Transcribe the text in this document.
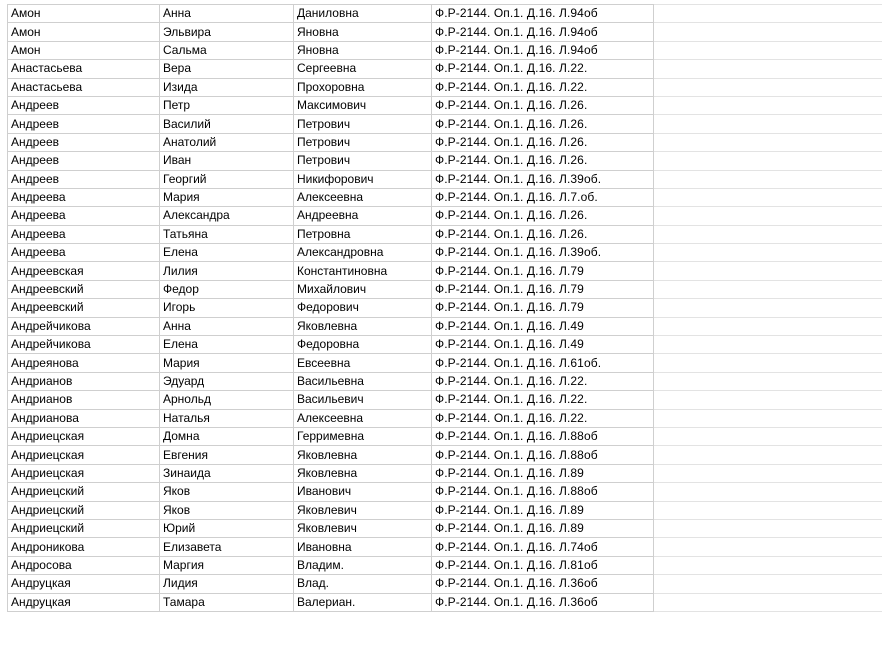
Амон	Анна	Даниловна	Ф.Р-2144. Оп.1. Д.16. Л.94об	
Амон	Эльвира	Яновна	Ф.Р-2144. Оп.1. Д.16. Л.94об	
Амон	Сальма	Яновна	Ф.Р-2144. Оп.1. Д.16. Л.94об	
Анастасьева	Вера	Сергеевна	Ф.Р-2144. Оп.1. Д.16. Л.22.	
Анастасьева	Изида	Прохоровна	Ф.Р-2144. Оп.1. Д.16. Л.22.	
Андреев	Петр	Максимович	Ф.Р-2144. Оп.1. Д.16. Л.26.	
Андреев	Василий	Петрович	Ф.Р-2144. Оп.1. Д.16. Л.26.	
Андреев	Анатолий	Петрович	Ф.Р-2144. Оп.1. Д.16. Л.26.	
Андреев	Иван	Петрович	Ф.Р-2144. Оп.1. Д.16. Л.26.	
Андреев	Георгий	Никифорович	Ф.Р-2144. Оп.1. Д.16. Л.39об.	
Андреева	Мария	Алексеевна	Ф.Р-2144. Оп.1. Д.16. Л.7.об.	
Андреева	Александра	Андреевна	Ф.Р-2144. Оп.1. Д.16. Л.26.	
Андреева	Татьяна	Петровна	Ф.Р-2144. Оп.1. Д.16. Л.26.	
Андреева	Елена	Александровна	Ф.Р-2144. Оп.1. Д.16. Л.39об.	
Андреевская	Лилия	Константиновна	Ф.Р-2144. Оп.1. Д.16. Л.79	
Андреевский	Федор	Михайлович	Ф.Р-2144. Оп.1. Д.16. Л.79	
Андреевский	Игорь	Федорович	Ф.Р-2144. Оп.1. Д.16. Л.79	
Андрейчикова	Анна	Яковлевна	Ф.Р-2144. Оп.1. Д.16. Л.49	
Андрейчикова	Елена	Федоровна	Ф.Р-2144. Оп.1. Д.16. Л.49	
Андреянова	Мария	Евсеевна	Ф.Р-2144. Оп.1. Д.16. Л.61об.	
Андрианов	Эдуард	Васильевна	Ф.Р-2144. Оп.1. Д.16. Л.22.	
Андрианов	Арнольд	Васильевич	Ф.Р-2144. Оп.1. Д.16. Л.22.	
Андрианова	Наталья	Алексеевна	Ф.Р-2144. Оп.1. Д.16. Л.22.	
Андриецская	Домна	Герримевна	Ф.Р-2144. Оп.1. Д.16. Л.88об	
Андриецская	Евгения	Яковлевна	Ф.Р-2144. Оп.1. Д.16. Л.88об	
Андриецская	Зинаида	Яковлевна	Ф.Р-2144. Оп.1. Д.16. Л.89	
Андриецский	Яков	Иванович	Ф.Р-2144. Оп.1. Д.16. Л.88об	
Андриецский	Яков	Яковлевич	Ф.Р-2144. Оп.1. Д.16. Л.89	
Андриецский	Юрий	Яковлевич	Ф.Р-2144. Оп.1. Д.16. Л.89	
Андроникова	Елизавета	Ивановна	Ф.Р-2144. Оп.1. Д.16. Л.74об	
Андросова	Маргия	Владим.	Ф.Р-2144. Оп.1. Д.16. Л.81об	
Андруцкая	Лидия	Влад.	Ф.Р-2144. Оп.1. Д.16. Л.36об	
Андруцкая	Тамара	Валериан.	Ф.Р-2144. Оп.1. Д.16. Л.36об	
